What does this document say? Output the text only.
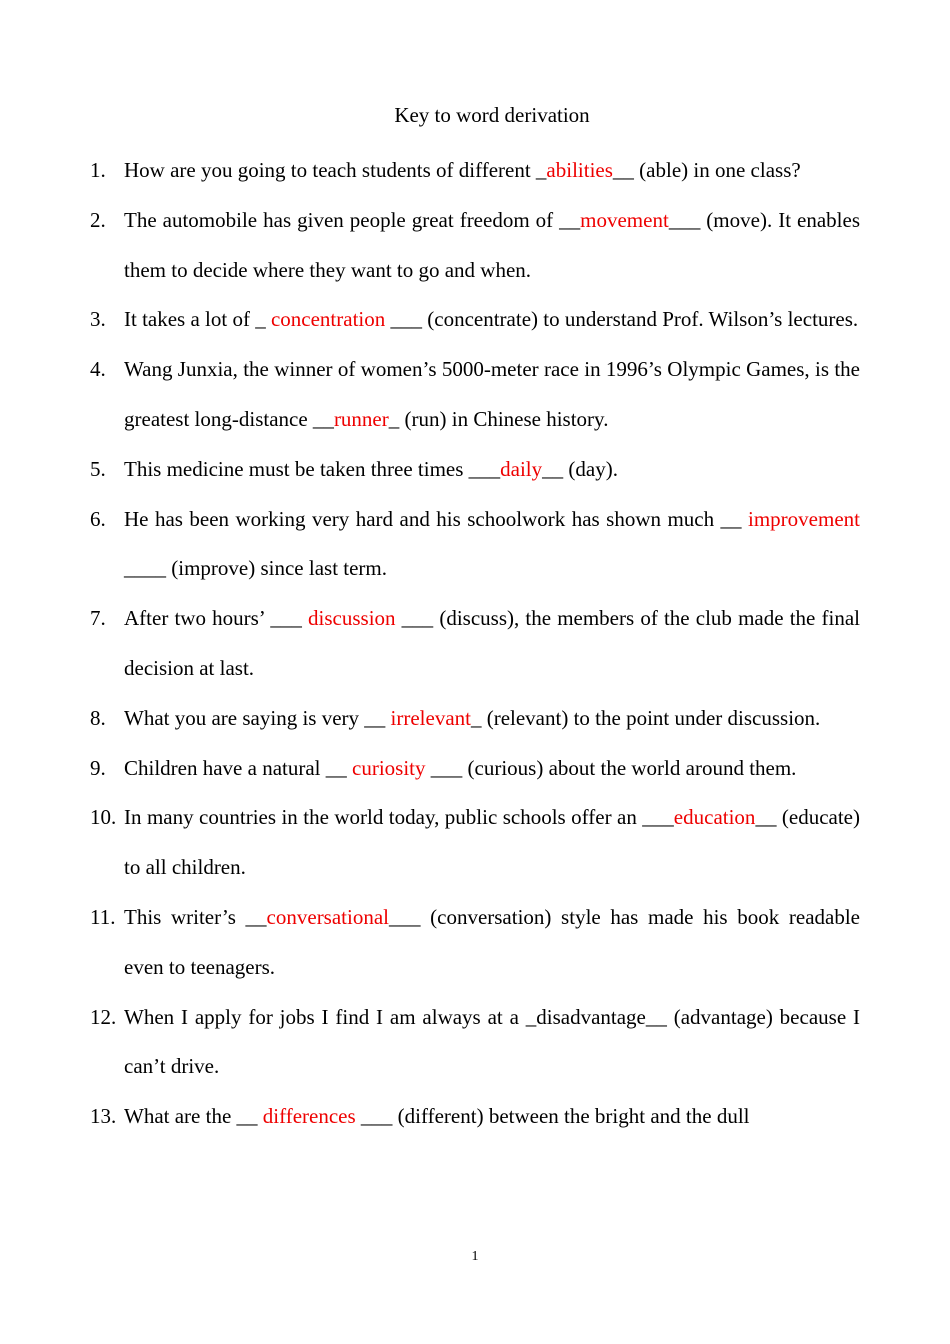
Key to word derivation
1. How are you going to teach students of different _abilities__ (able) in one class?
2. The automobile has given people great freedom of __movement___ (move). It enables them to decide where they want to go and when.
3. It takes a lot of _ concentration ___ (concentrate) to understand Prof. Wilson’s lectures.
4. Wang Junxia, the winner of women’s 5000-meter race in 1996’s Olympic Games, is the greatest long-distance __runner_ (run) in Chinese history.
5. This medicine must be taken three times ___daily__ (day).
6. He has been working very hard and his schoolwork has shown much __ improvement ____ (improve) since last term.
7. After two hours’ ___ discussion ___ (discuss), the members of the club made the final decision at last.
8. What you are saying is very __ irrelevant_ (relevant) to the point under discussion.
9. Children have a natural __ curiosity ___ (curious) about the world around them.
10. In many countries in the world today, public schools offer an ___education__ (educate) to all children.
11. This writer’s __conversational___ (conversation) style has made his book readable even to teenagers.
12. When I apply for jobs I find I am always at a _disadvantage__ (advantage) because I can’t drive.
13. What are the __ differences ___ (different) between the bright and the dull
1
